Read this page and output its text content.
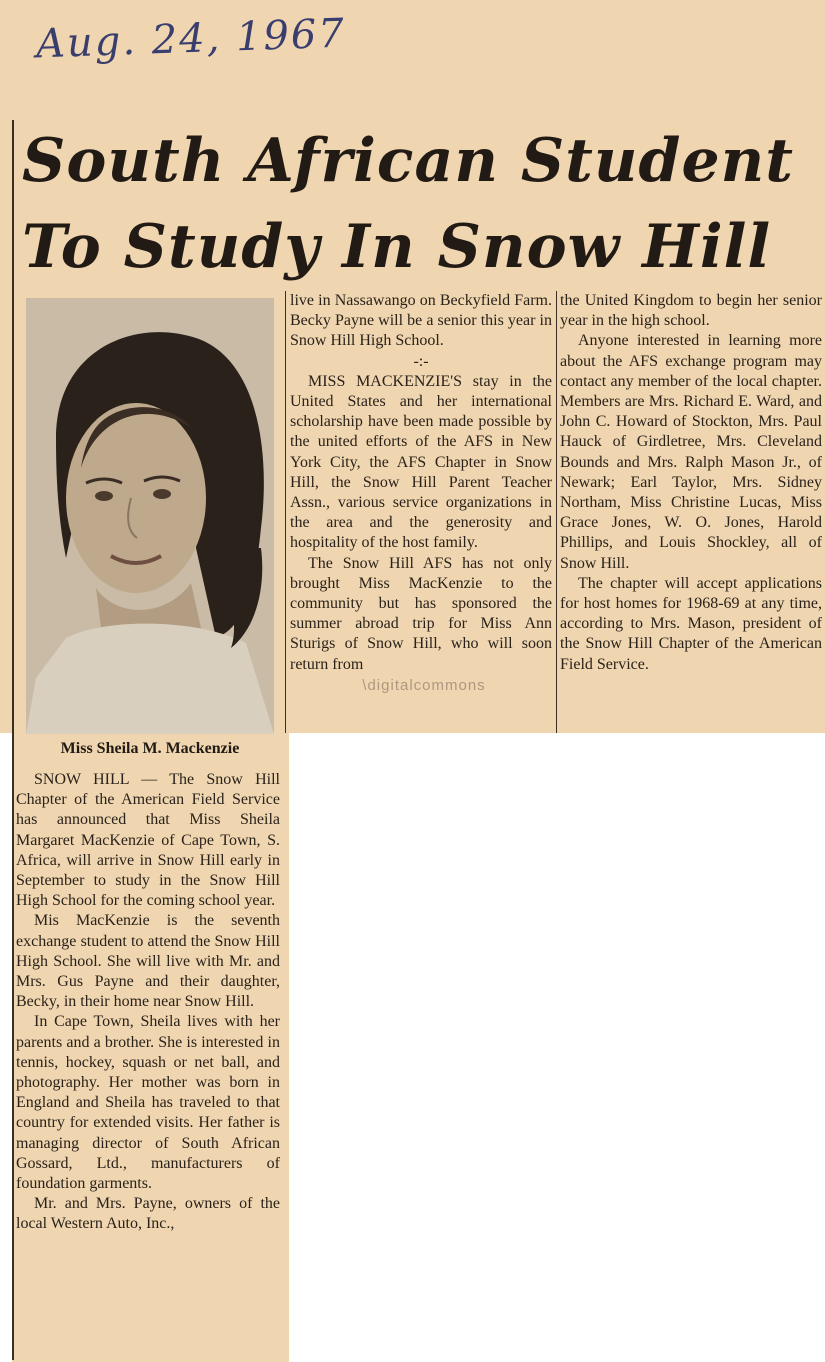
Aug. 24, 1967
South African Student
To Study In Snow Hill
Miss Sheila M. Mackenzie

SNOW HILL — The Snow Hill Chapter of the American Field Service has announced that Miss Sheila Margaret MacKenzie of Cape Town, S. Africa, will arrive in Snow Hill early in September to study in the Snow Hill High School for the coming school year.

Mis MacKenzie is the seventh exchange student to attend the Snow Hill High School. She will live with Mr. and Mrs. Gus Payne and their daughter, Becky, in their home near Snow Hill.

In Cape Town, Sheila lives with her parents and a brother. She is interested in tennis, hockey, squash or net ball, and photography. Her mother was born in England and Sheila has traveled to that country for extended visits. Her father is managing director of South African Gossard, Ltd., manufacturers of foundation garments.

Mr. and Mrs. Payne, owners of the local Western Auto, Inc.,

live in Nassawango on Beckyfield Farm. Becky Payne will be a senior this year in Snow Hill High School.

-:-

MISS MACKENZIE'S stay in the United States and her international scholarship have been made possible by the united efforts of the AFS in New York City, the AFS Chapter in Snow Hill, the Snow Hill Parent Teacher Assn., various service organizations in the area and the generosity and hospitality of the host family.

The Snow Hill AFS has not only brought Miss MacKenzie to the community but has sponsored the summer abroad trip for Miss Ann Sturigs of Snow Hill, who will soon return from

the United Kingdom to begin her senior year in the high school.

Anyone interested in learning more about the AFS exchange program may contact any member of the local chapter. Members are Mrs. Richard E. Ward, and John C. Howard of Stockton, Mrs. Paul Hauck of Girdletree, Mrs. Cleveland Bounds and Mrs. Ralph Mason Jr., of Newark; Earl Taylor, Mrs. Sidney Northam, Miss Christine Lucas, Miss Grace Jones, W. O. Jones, Harold Phillips, and Louis Shockley, all of Snow Hill.

The chapter will accept applications for host homes for 1968-69 at any time, according to Mrs. Mason, president of the Snow Hill Chapter of the American Field Service.

\digitalcommons
